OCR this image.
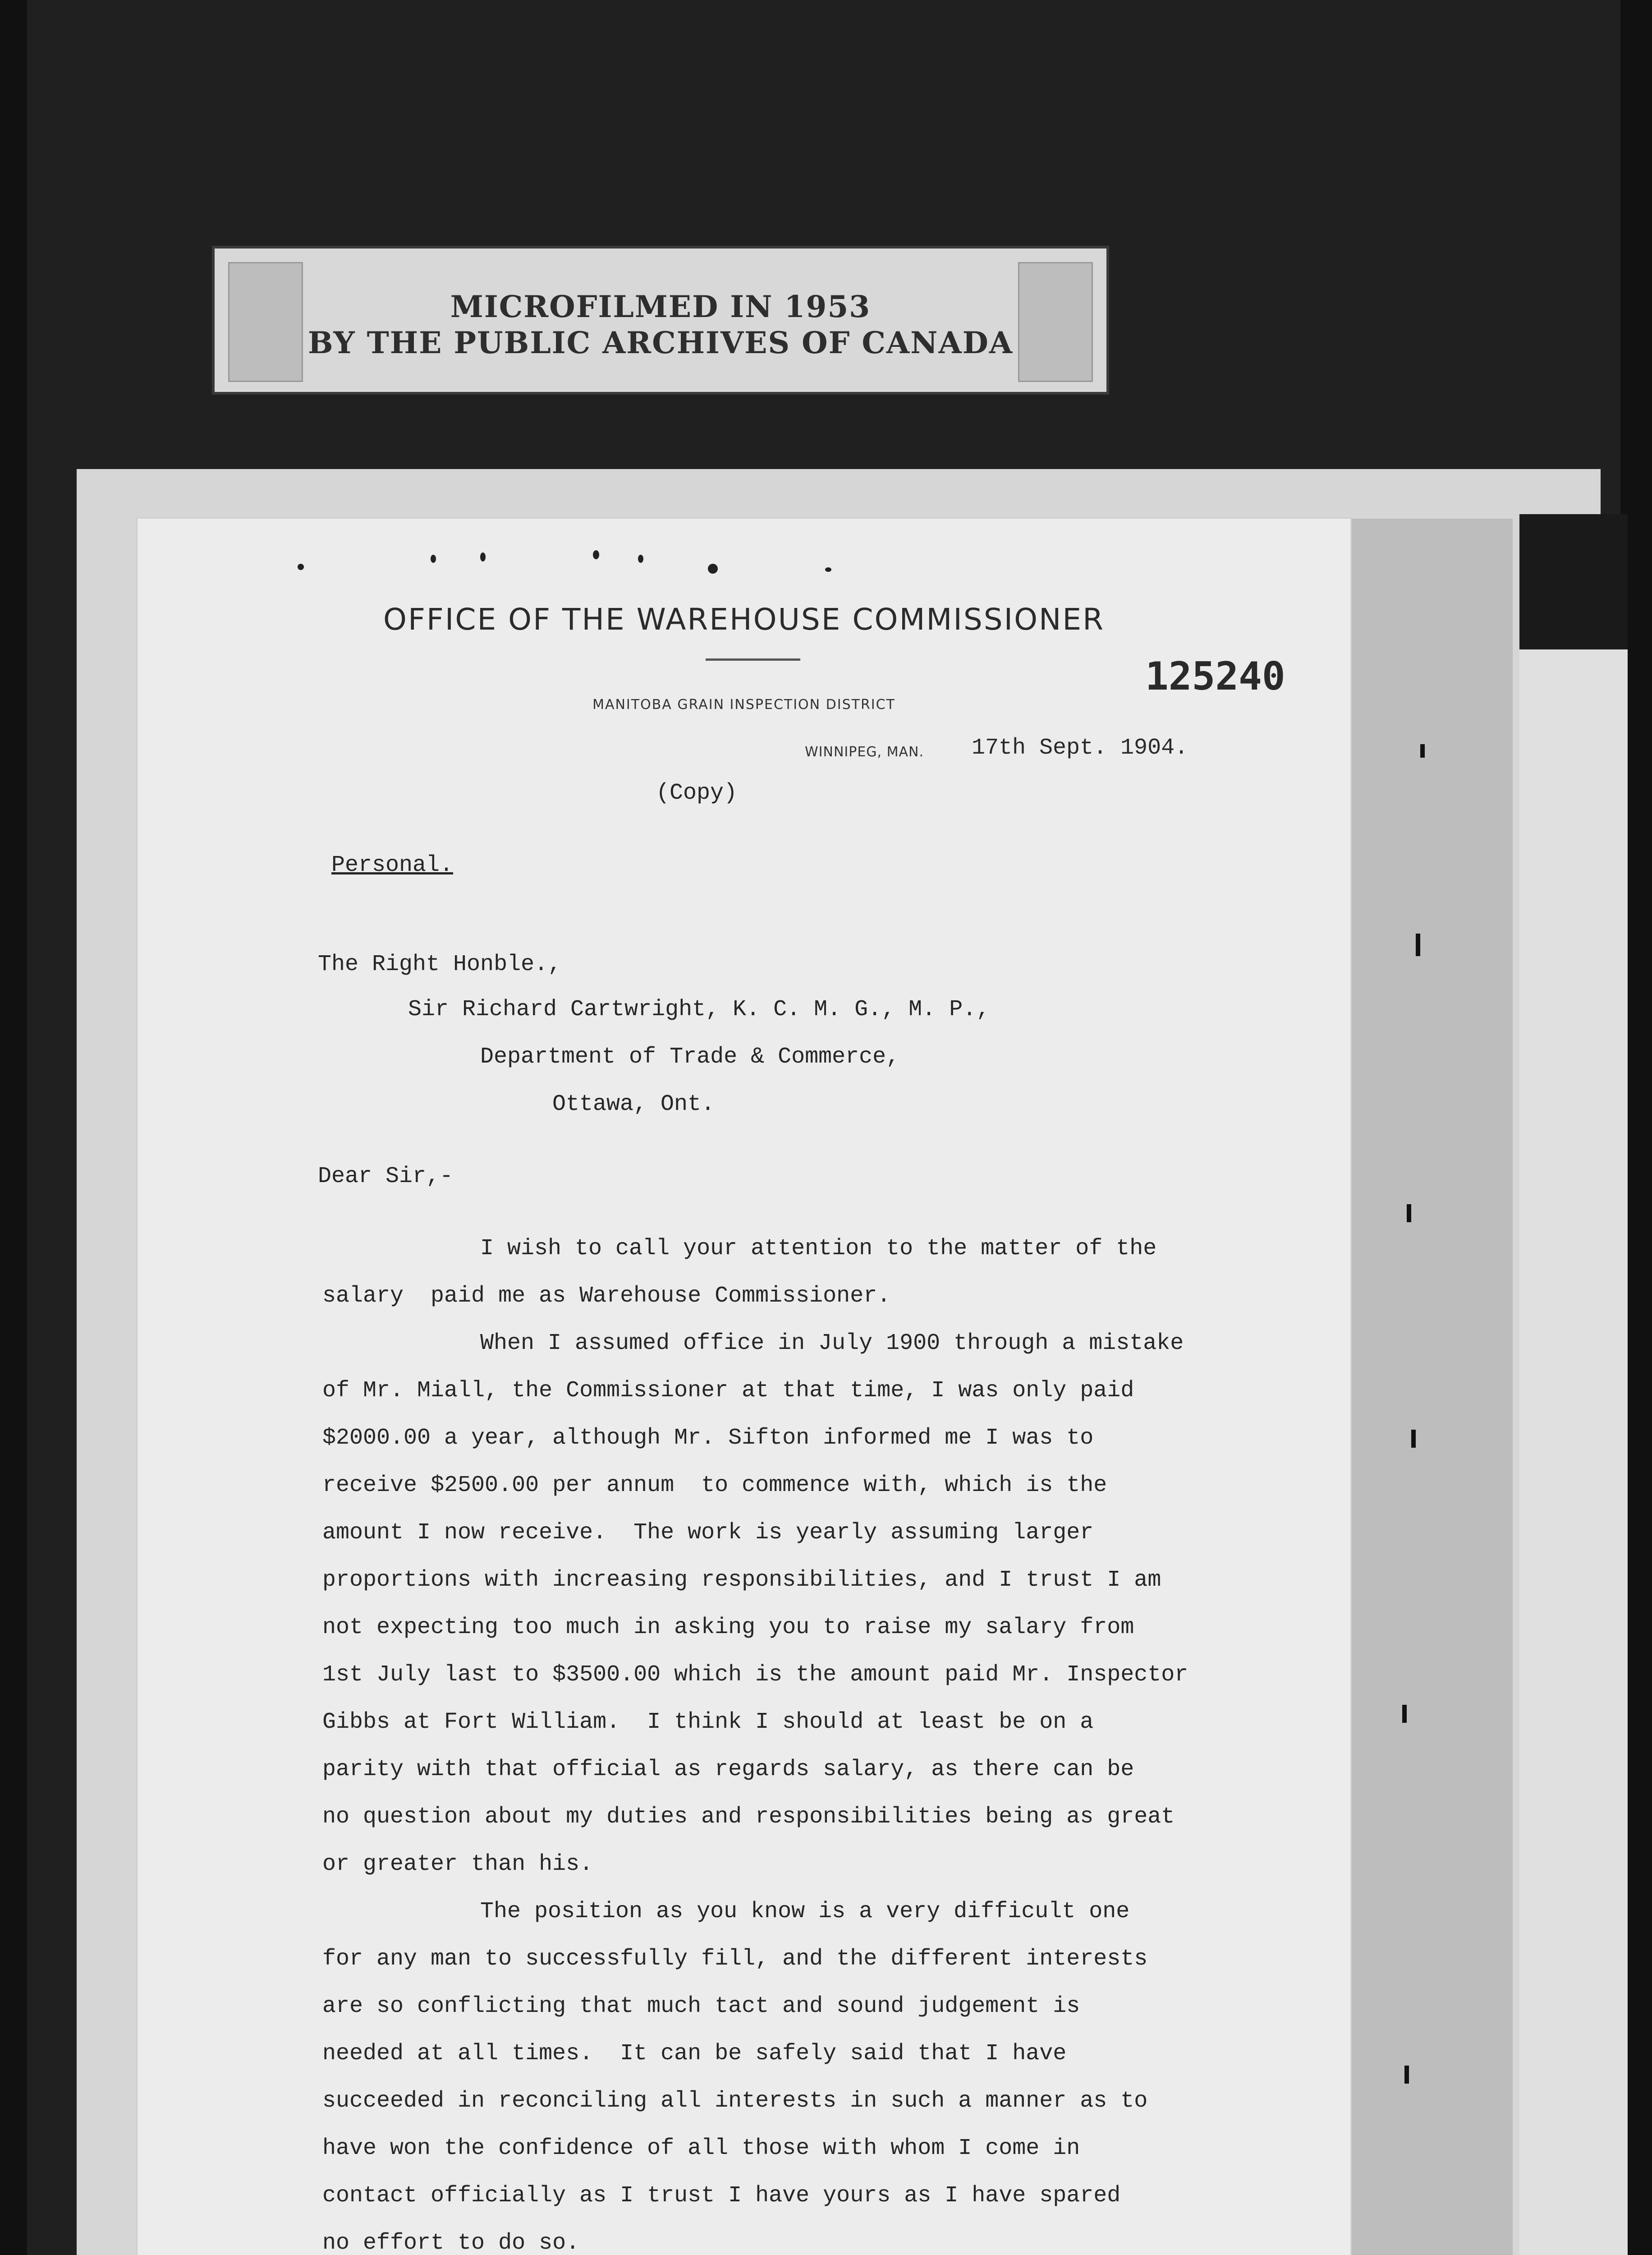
MICROFILMED IN 1953
BY THE PUBLIC ARCHIVES OF CANADA
OFFICE OF THE WAREHOUSE COMMISSIONER
MANITOBA GRAIN INSPECTION DISTRICT
125240
WINNIPEG, MAN. 17th Sept. 1904.
(Copy)
Personal.
The Right Honble.,
Sir Richard Cartwright, K. C. M. G., M. P.,
Department of Trade & Commerce,
Ottawa, Ont.
Dear Sir,-
I wish to call your attention to the matter of the
salary  paid me as Warehouse Commissioner.
When I assumed office in July 1900 through a mistake
of Mr. Miall, the Commissioner at that time, I was only paid
$2000.00 a year, although Mr. Sifton informed me I was to
receive $2500.00 per annum  to commence with, which is the
amount I now receive.  The work is yearly assuming larger
proportions with increasing responsibilities, and I trust I am
not expecting too much in asking you to raise my salary from
1st July last to $3500.00 which is the amount paid Mr. Inspector
Gibbs at Fort William.  I think I should at least be on a
parity with that official as regards salary, as there can be
no question about my duties and responsibilities being as great
or greater than his.
The position as you know is a very difficult one
for any man to successfully fill, and the different interests
are so conflicting that much tact and sound judgement is
needed at all times.  It can be safely said that I have
succeeded in reconciling all interests in such a manner as to
have won the confidence of all those with whom I come in
contact officially as I trust I have yours as I have spared
no effort to do so.
